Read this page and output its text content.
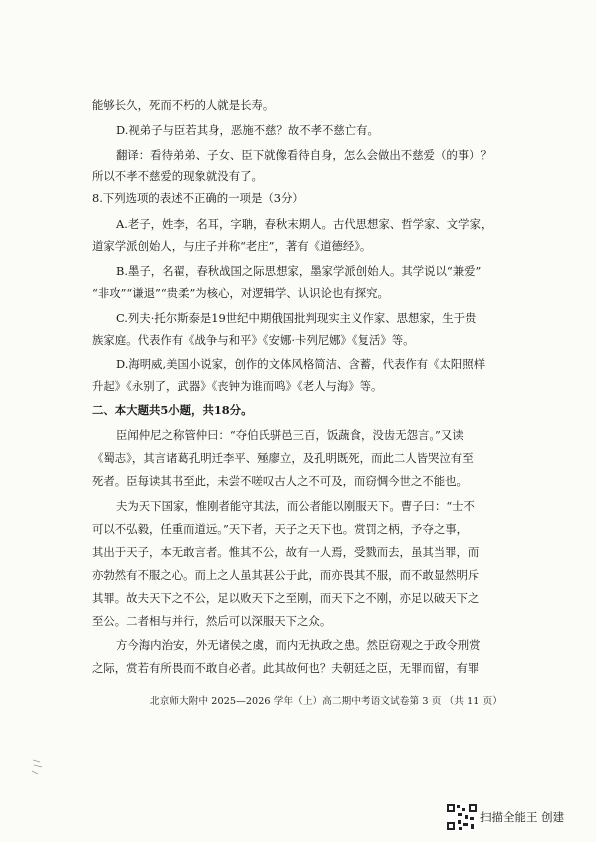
能够长久，死而不朽的人就是长寿。

D.视弟子与臣若其身，恶施不慈？故不孝不慈亡有。

翻译：看待弟弟、子女、臣下就像看待自身，怎么会做出不慈爱（的事）？

所以不孝不慈爱的现象就没有了。

8.下列选项的表述不正确的一项是（3分）

A.老子，姓李，名耳，字聃，春秋末期人。古代思想家、哲学家、文学家，

道家学派创始人，与庄子并称“老庄”，著有《道德经》。

B.墨子，名翟，春秋战国之际思想家，墨家学派创始人。其学说以“兼爱”

“非攻”“谦退”“贵柔”为核心，对逻辑学、认识论也有探究。

C.列夫·托尔斯泰是19世纪中期俄国批判现实主义作家、思想家，生于贵

族家庭。代表作有《战争与和平》《安娜·卡列尼娜》《复活》等。

D.海明威,美国小说家，创作的文体风格简洁、含蓄，代表作有《太阳照样

升起》《永别了，武器》《丧钟为谁而鸣》《老人与海》等。

二、本大题共5小题，共18分。

臣闻仲尼之称管仲曰：“夺伯氏骈邑三百，饭蔬食，没齿无怨言。”又读

《蜀志》，其言诸葛孔明迁李平、殛廖立，及孔明既死，而此二人皆哭泣有至

死者。臣每读其书至此，未尝不嗟叹古人之不可及，而窃惆今世之不能也。

夫为天下国家，惟刚者能守其法，而公者能以刚服天下。曹子曰：“士不

可以不弘毅，任重而道远。”天下者，天子之天下也。赏罚之柄，予夺之事，

其出于天子，本无敢言者。惟其不公，故有一人焉，受戮而去，虽其当罪，而

亦勃然有不服之心。而上之人虽其甚公于此，而亦畏其不服，而不敢显然明斥

其罪。故夫天下之不公，足以败天下之至刚，而天下之不刚，亦足以破天下之

至公。二者相与并行，然后可以深服天下之众。

方今海内治安，外无诸侯之虞，而内无执政之患。然臣窃观之于政令刑赏

之际，赏若有所畏而不敢自必者。此其故何也？夫朝廷之臣，无罪而留，有罪

北京师大附中 2025—2026 学年（上）高二期中考语文试卷第 3 页 （共 11 页）
扫描全能王 创建
